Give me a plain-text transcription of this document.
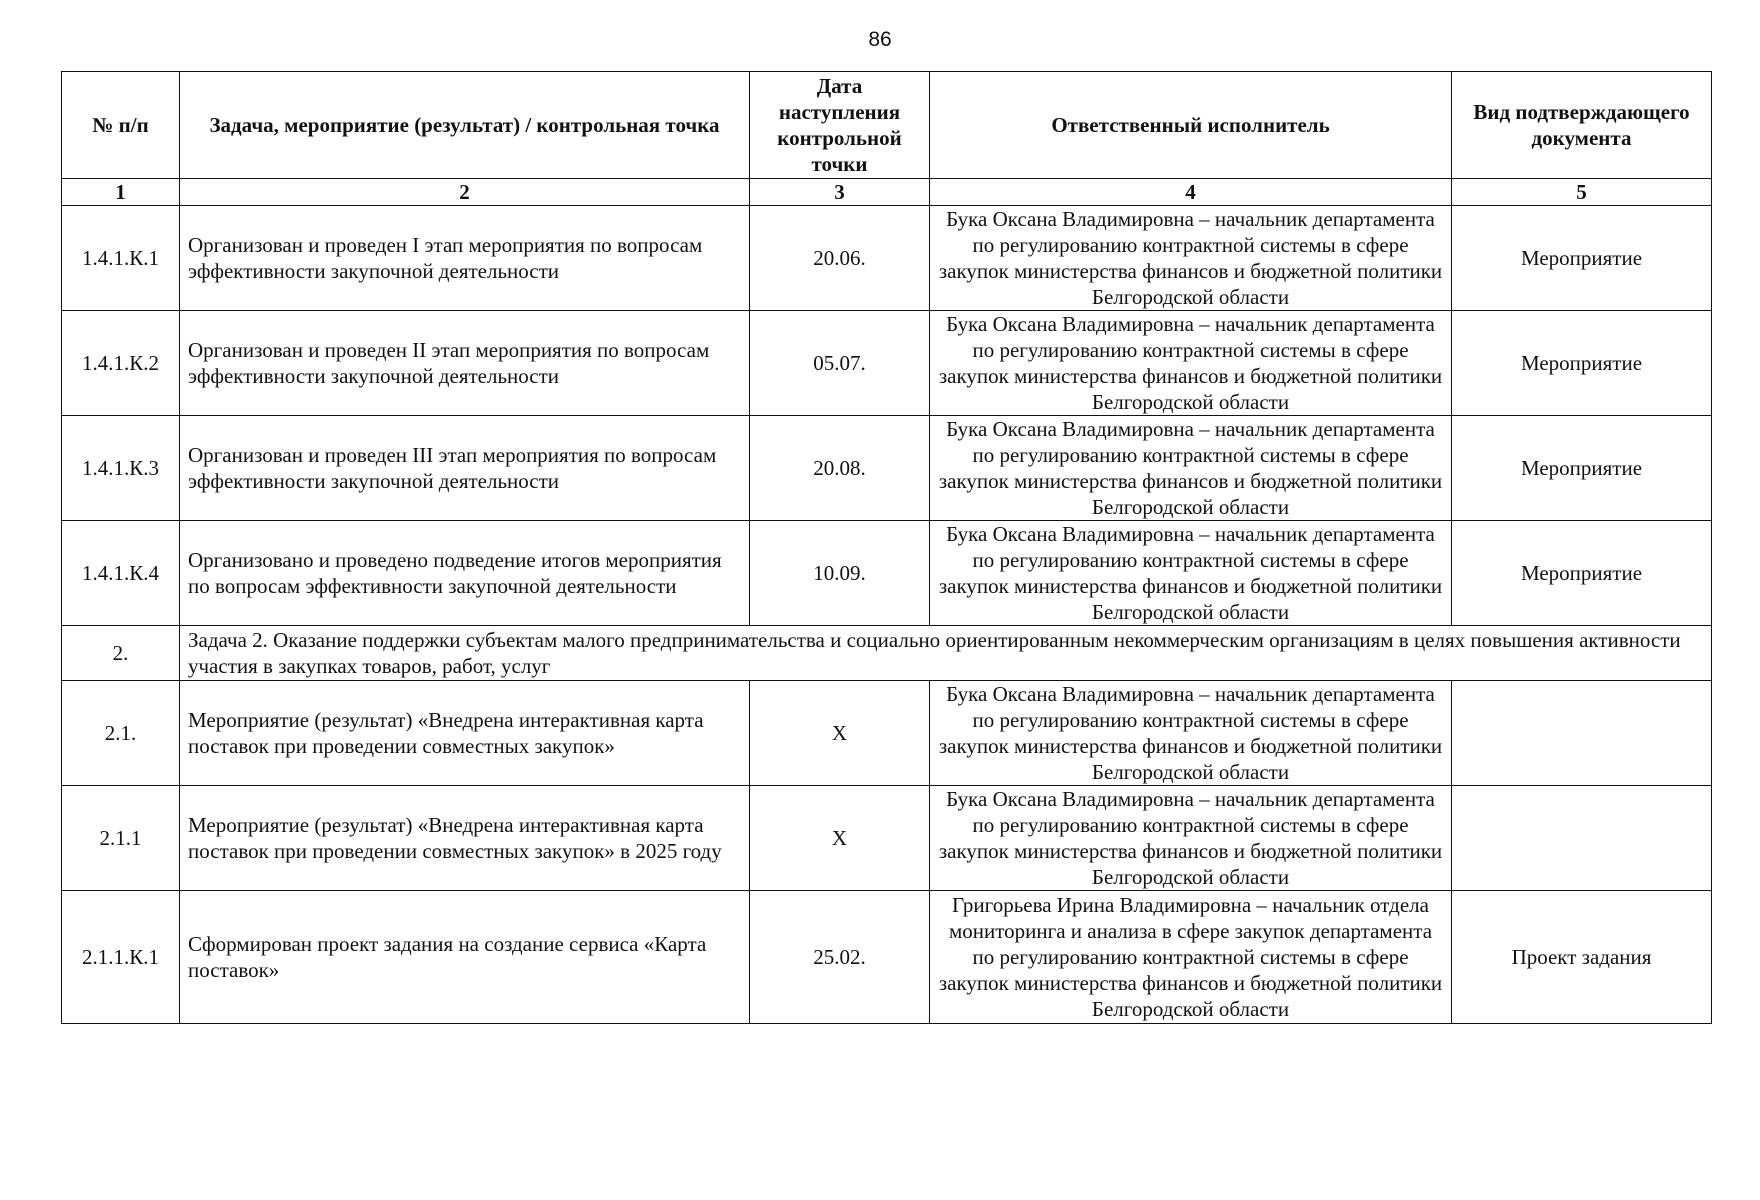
86
№ п/п	Задача, мероприятие (результат) / контрольная точка	Дата наступления контрольной точки	Ответственный исполнитель	Вид подтверждающего документа
1	2	3	4	5
1.4.1.К.1	Организован и проведен I этап мероприятия по вопросам эффективности закупочной деятельности	20.06.	Бука Оксана Владимировна – начальник департамента по регулированию контрактной системы в сфере закупок министерства финансов и бюджетной политики Белгородской области	Мероприятие
1.4.1.К.2	Организован и проведен II этап мероприятия по вопросам эффективности закупочной деятельности	05.07.	Бука Оксана Владимировна – начальник департамента по регулированию контрактной системы в сфере закупок министерства финансов и бюджетной политики Белгородской области	Мероприятие
1.4.1.К.3	Организован и проведен III этап мероприятия по вопросам эффективности закупочной деятельности	20.08.	Бука Оксана Владимировна – начальник департамента по регулированию контрактной системы в сфере закупок министерства финансов и бюджетной политики Белгородской области	Мероприятие
1.4.1.К.4	Организовано и проведено подведение итогов мероприятия по вопросам эффективности закупочной деятельности	10.09.	Бука Оксана Владимировна – начальник департамента по регулированию контрактной системы в сфере закупок министерства финансов и бюджетной политики Белгородской области	Мероприятие
2.	Задача 2. Оказание поддержки субъектам малого предпринимательства и социально ориентированным некоммерческим организациям в целях повышения активности участия в закупках товаров, работ, услуг			
2.1.	Мероприятие (результат) «Внедрена интерактивная карта поставок при проведении совместных закупок»	Х	Бука Оксана Владимировна – начальник департамента по регулированию контрактной системы в сфере закупок министерства финансов и бюджетной политики Белгородской области	
2.1.1	Мероприятие (результат) «Внедрена интерактивная карта поставок при проведении совместных закупок» в 2025 году	Х	Бука Оксана Владимировна – начальник департамента по регулированию контрактной системы в сфере закупок министерства финансов и бюджетной политики Белгородской области	
2.1.1.К.1	Сформирован проект задания на создание сервиса «Карта поставок»	25.02.	Григорьева Ирина Владимировна – начальник отдела мониторинга и анализа в сфере закупок департамента по регулированию контрактной системы в сфере закупок министерства финансов и бюджетной политики Белгородской области	Проект задания
